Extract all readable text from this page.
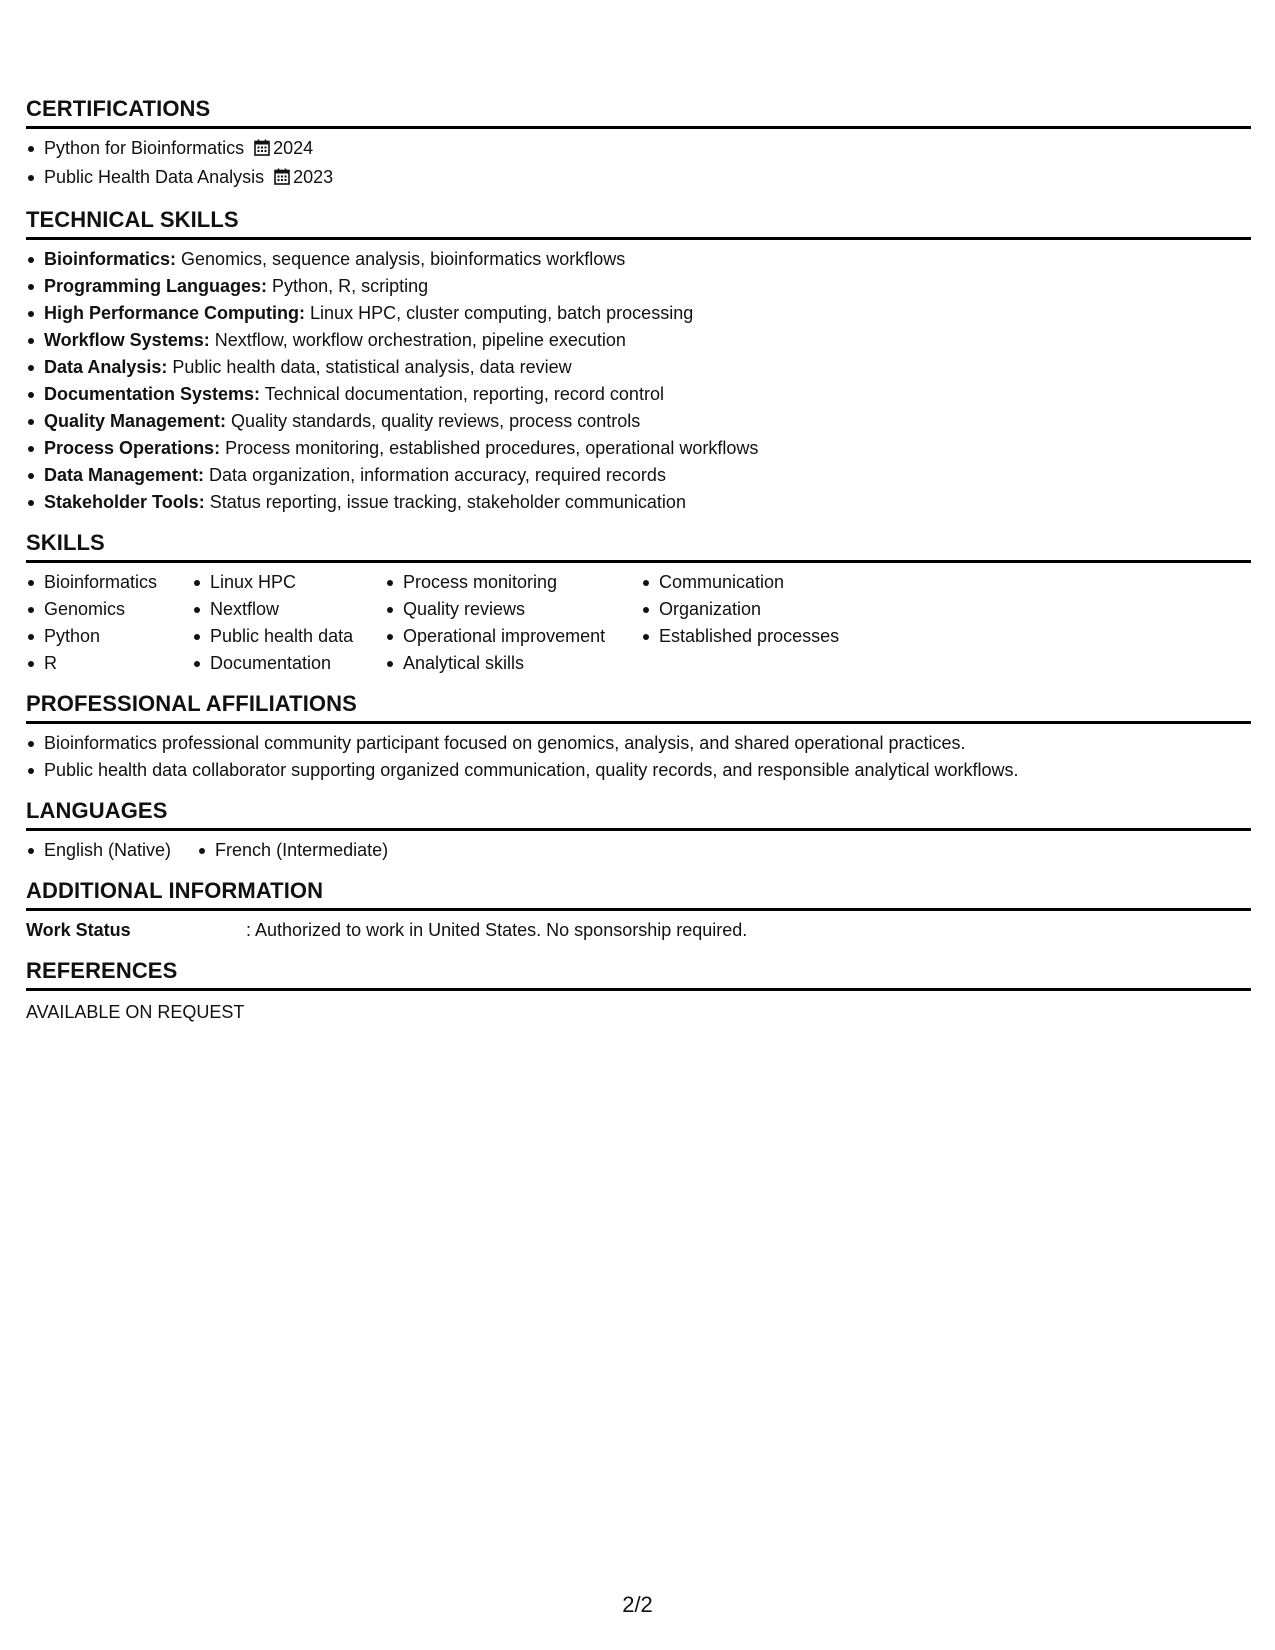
CERTIFICATIONS
Python for Bioinformatics 2024
Public Health Data Analysis 2023
TECHNICAL SKILLS
Bioinformatics: Genomics, sequence analysis, bioinformatics workflows
Programming Languages: Python, R, scripting
High Performance Computing: Linux HPC, cluster computing, batch processing
Workflow Systems: Nextflow, workflow orchestration, pipeline execution
Data Analysis: Public health data, statistical analysis, data review
Documentation Systems: Technical documentation, reporting, record control
Quality Management: Quality standards, quality reviews, process controls
Process Operations: Process monitoring, established procedures, operational workflows
Data Management: Data organization, information accuracy, required records
Stakeholder Tools: Status reporting, issue tracking, stakeholder communication
SKILLS
Bioinformatics
Genomics
Python
R
Linux HPC
Nextflow
Public health data
Documentation
Process monitoring
Quality reviews
Operational improvement
Analytical skills
Communication
Organization
Established processes
PROFESSIONAL AFFILIATIONS
Bioinformatics professional community participant focused on genomics, analysis, and shared operational practices.
Public health data collaborator supporting organized communication, quality records, and responsible analytical workflows.
LANGUAGES
English (Native)	French (Intermediate)
ADDITIONAL INFORMATION
Work Status	: Authorized to work in United States. No sponsorship required.
REFERENCES
AVAILABLE ON REQUEST
2/2
